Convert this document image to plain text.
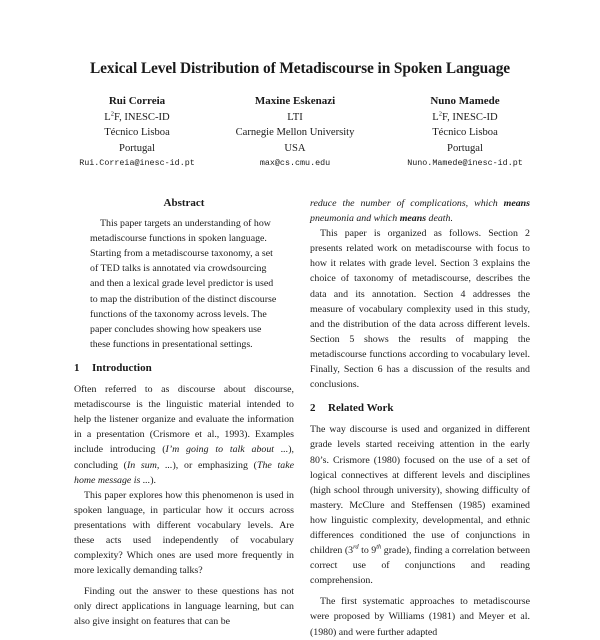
Lexical Level Distribution of Metadiscourse in Spoken Language
Rui Correia
$L^2F$, INESC-ID
Técnico Lisboa
Portugal
Rui.Correia@inesc-id.pt
Maxine Eskenazi
LTI
Carnegie Mellon University
USA
max@cs.cmu.edu
Nuno Mamede
$L^2F$, INESC-ID
Técnico Lisboa
Portugal
Nuno.Mamede@inesc-id.pt
Abstract

This paper targets an understanding of how metadiscourse functions in spoken language. Starting from a metadiscourse taxonomy, a set of TED talks is annotated via crowdsourcing and then a lexical grade level predictor is used to map the distribution of the distinct discourse functions of the taxonomy across levels. The paper concludes showing how speakers use these functions in presentational settings.

1 Introduction

Often referred to as discourse about discourse, metadiscourse is the linguistic material intended to help the listener organize and evaluate the information in a presentation (Crismore et al., 1993). Examples include introducing (I’m going to talk about ...), concluding (In sum, ...), or emphasizing (The take home message is ...).

This paper explores how this phenomenon is used in spoken language, in particular how it occurs across presentations with different vocabulary levels. Are these acts used independently of vocabulary complexity? Which ones are used more frequently in more lexically demanding talks?

Finding out the answer to these questions has not only direct applications in language learning, but can also give insight on features that can be

reduce the number of complications, which means pneumonia and which means death.

This paper is organized as follows. Section 2 presents related work on metadiscourse with focus to how it relates with grade level. Section 3 explains the choice of taxonomy of metadiscourse, describes the data and its annotation. Section 4 addresses the measure of vocabulary complexity used in this study, and the distribution of the data across different levels. Section 5 shows the results of mapping the metadiscourse functions according to vocabulary level. Finally, Section 6 has a discussion of the results and conclusions.

2 Related Work

The way discourse is used and organized in different grade levels started receiving attention in the early 80’s. Crismore (1980) focused on the use of a set of logical connectives at different levels and disciplines (high school through university), showing difficulty of mastery. McClure and Steffensen (1985) examined how linguistic complexity, developmental, and ethnic differences conditioned the use of conjunctions in children (3rd to 9th grade), finding a correlation between correct use of conjunctions and reading comprehension.

The first systematic approaches to metadiscourse were proposed by Williams (1981) and Meyer et al. (1980) and were further adapted
